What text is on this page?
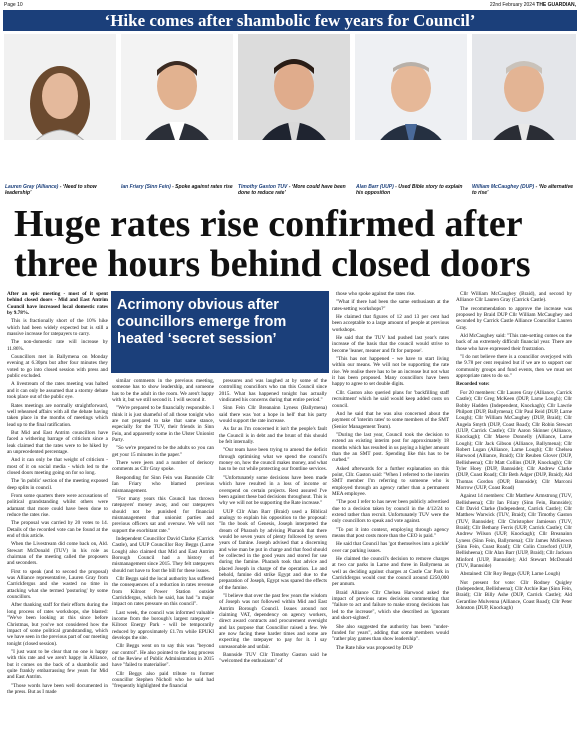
Page 10	22nd February 2024 THE GUARDIAN,
‘Hike comes after shambolic few years for Council’
Lauren Gray (Alliance) - ‘Need to show leadership’
Ian Friary (Sinn Fein) - Spoke against rates rise Timothy Gaston TUV - ‘More could have been done to reduce rate’
Alan Barr (UUP) - Used Bible story to explain his opposition
William McCaughey (DUP) - ‘No alternative to rise’
Huge rates rise confirmed after three hours behind closed doors

After an epic meeting - most of it spent behind closed doors - Mid and East Antrim Council have increased local domestic rates by 9.78%.

This is fractionally short of the 10% hike which had been widely expected but is still a massive increase for ratepayers to carry.

The non-domestic rate will increase by 11.86%.

Councillors met in Ballymena on Monday evening at 6.30pm but after four minutes they voted to go into closed session with press and public excluded.

A livestream of the rates meeting was halted and it can only be assumed that a stormy debate took place out of the public eye.

Rates meetings are normally straightforward, well rehearsed affairs with all the debate having taken place in the months of meetings which lead up to the final ratification.

But Mid and East Antrim councillors have faced a withering barrage of criticism since a leak claimed that the rates were to be hiked by an unprecedented percentage.

And it can only be that weight of criticism - most of it on social media - which led to the closed doors meeting going on for so long.

The 'in public' section of the meeting exposed deep splits in council.

From some quarters there were accusations of political grandstanding whilst others were adamant that more could have been done to reduce the rates rise.

The proposal was carried by 20 votes to 14. Details of the recorded vote can be found at the end of this article.

When the Livestream did come back on, Ald. Stewart McDonald (TUV) in his role as chairman of the meeting called the proposers and seconders.

First to speak (and to second the proposal) was Alliance representative, Lauren Gray from Carrickfergus and she wasted no time in attacking what she termed 'posturing' by some councillors.

After thanking staff for their efforts during the long process of rates workshops, she blasted: "We've been looking at this since before Christmas, but you've not considered how the impact of some political grandstanding, which we have seen in the previous part of our meeting tonight (closed session).

"I just want to be clear that no one is happy with this rate and we aren't happy in Alliance, but it comes on the back of a shambolic and quite frankly embarrassing few years for Mid and East Antrim.

"Those words have been well documented in the press. But as I made

Acrimony obvious after councillors emerge from heated ‘secret session’

similar comments in the previous meeting, someone has to show leadership, and someone has to be the adult in the room. We aren't happy with it, but we still second it. I will second it.

"We're prepared to be financially responsible. I think it is just shameful of all those tonight who are not prepared to take that same stance, especially for the TUV, their friends in Sinn Fein, and apparently some in the Ulster Unionist Party.

"So we're prepared to be the adults so you can get your 15 minutes in the paper."

There were jeers and a number of derisory comments as Cllr Gray spoke.

Responding for Sinn Fein was Bannside Cllr Ian Friary who blamed previous mismanagement.

"For many years this Council has thrown ratepayers' money away, and our ratepayers should not be punished for financial mismanagement that unionist parties and previous officers sat and oversaw. We will not support the exorbitant rate."

Independent Councillor David Clarke (Carrick Castle), and UUP Councillor Roy Beggs (Larne Lough) also claimed that Mid and East Antrim Borough Council had a history of mismanagement since 2015. They felt ratepayers should not have to foot the bill for these issues.

Cllr Beggs said the local authority has suffered the consequences of a reduction in rates revenue from Kilroot Power Station outside Carrickfergus, which he said, has had "a major impact on rates pressure on this council".

Last week, the council was informed valuable income from the borough's largest ratepayer - Kilroot Energy Park - will be temporarily reduced by approximately £1.7m while EPUKI develops the site.

Cllr Beggs went on to say this was "beyond our control". He also pointed to the long process of the Review of Public Administration in 2015 have "failed to materialise".

Cllr Beggs also paid tribute to former councillor Stephen Nicholl who he said had "frequently highlighted the financial

pressures and was laughed at by some of the controlling councillors who ran this Council since 2015. What has happened tonight has actually vindicated his concerns during that entire period."

Sinn Fein Cllr Breanainn Lyness (Ballymena) said there was 'not a hope in hell' that his party would support the rate increase.

As far as I'm concerned it isn't the people's fault the Council is in debt and the brunt of this should be felt internally.

"Our team have been trying to amend the deficit through optimising what we spend the council's money on, how the council makes money, and what has to be cut while protecting our frontline services.

"Unfortunately some decisions have been made which have resulted in a loss of income or overspend on certain projects. Rest assured I've been against these bad decisions throughout. This is why we will not be supporting the Rate increase."

UUP Cllr Alan Barr (Braid) used a Biblical analogy to explain his opposition to the proposal: "In the book of Genesis, Joseph interpreted the dream of Pharaoh by advising Pharaoh that there would be seven years of plenty followed by seven years of famine. Joseph advised that a discerning and wise man be put in charge and that food should be collected in the good years and stored for use during the famine. Pharaoh took that advice and placed Joseph in charge of the operation. Lo and behold, famine did strike Egypt and due to the preparation of Joseph, Egypt was spared the effects of the famine.

"I believe that over the past few years the wisdom of Joseph was not followed within Mid and East Antrim Borough Council. Issues around not claiming VAT, dependency on agency workers, direct award contracts and procurement oversight and lax purpose that Councillor raised a few. We are now facing these harder times and some are expecting the ratepayer to pay for it. I say unreasonable and unfair.

Bannside TUV Cllr Timothy Gaston said he "welcomed the enthusiasm" of

those who spoke against the rates rise.

"What if there had been the same enthusiasm at the rates-setting workshops?"

He claimed that figures of 12 and 13 per cent had been acceptable to a large amount of people at previous workshops.

He said that the TUV had pushed last year's rates increase of the basis that the council would strive to become 'leaner, meaner and fit for purpose'.

"This has not happened - we have to start living within our means. We will not be supporting the rate rise. We realise there has to be an increase but not what it has been proposed. Many councillors have been happy to agree to set double digits.

Cllr. Gaston also queried plans for 'backfilling staff recruitment' which he said would keep added costs on council.

And he said that he was also concerned about the payment of 'interim rates' to some members of the SMT (Senior Management Team).

"During the last year, Council took the decision to extend an existing interim post for approximately 18 months which has resulted in us paying a higher amount than the an SMT post. Spending like this has to be curbed."

Asked afterwards for a further explanation on this point, Cllr. Gaston said: "When I referred to the interim SMT member I'm referring to someone who is employed through an agency rather than a permanent MEA employee.

"The post I refer to has never been publicly advertised due to a decision taken by council in the 4/12/24 to extend rather than recruit. Unfortunately TUV were the only councillors to speak and vote against.

"To put it into context, employing through agency means that post costs more than the CEO is paid."

He said that Council has 'got themselves into a pickle' over car parking issues.

He claimed the council's decision to remove charges at two car parks in Larne and three in Ballymena as well as deciding against charges at Castle Car Park in Carrickfergus would cost the council around £250,000 per annum.

Braid Alliance Cllr Chelsea Harwood asked the impact of previous rates decisions commenting that "failure to act and failure to make strong decisions has led to the increase", which she described as 'ignorant and short-sighted'.

She also suggested the authority has been "under-funded for years", adding that some members would "rather play games than show leadership".

The Rate hike was proposed by DUP

Cllr William McCaughey (Braid), and second by Alliance Cllr Lauren Gray (Carrick Castle).

The recommendation to approve the increase was proposed by Braid DUP Cllr William McCaughey and seconded by Carrick Castle Alliance Councillor Lauren Gray.

Ald McCaughey said: "This rate-setting comes on the back of an extremely difficult financial year. There are those who have expressed their frustration.

"I do not believe there is a councillor overjoyed with the 9.78 per cent required but if we are to support our community groups and fund events, then we must set appropriate rates to do so."

Recorded vote:

For 20 members: Cllr Lauren Gray (Alliance, Carrick Castle); Cllr Greg McKeen (DUP, Larne Lough); Cllr Bobby Hadden (Independent, Knockagh); Cllr Lawrie Philpott (DUP, Ballymena); Cllr Paul Reid (DUP, Larne Lough); Cllr William McCaughey (DUP, Braid); Cllr Angela Smyth (DUP, Coast Road); Cllr Robin Stewart (UUP, Carrick Castle); Cllr Aaron Skinner (Alliance, Knockagh); Cllr Maeve Donnelly (Alliance, Larne Lough); Cllr Jack Gibson (Alliance, Ballymena); Cllr Robert Logan (Alliance, Larne Lough); Cllr Chelsea Harwood (Alliance, Braid); Cllr Reuben Glover (DUP, Bellisheena); Cllr Matt Collins (DUP, Knockagh); Cllr Tyler Hoey (DUP, Bannside); Cllr Andrew Clarke (DUP, Coast Road); Cllr Beth Adger (DUP, Braid); Ald Thomas Gordon (DUP, Bannside); Cllr Marconi Morrow (UUP, Coast Road)

Against 14 members: Cllr Matthew Armstrong (TUV, Bellisheena); Cllr Ian Friary (Sinn Fein, Bannside); Cllr David Clarke (Independent, Carrick Castle); Cllr Matthew Warwick (TUV, Braid); Cllr Timothy Gaston (TUV, Bannside); Cllr Christopher Jamieson (TUV, Braid); Cllr Bethany Ferris (UUP, Carrick Castle); Cllr Andrew Wilson (UUP, Knockagh); Cllr Breanainn Lyness (Sinn Fein, Ballymena); Cllr James McKeown (Sinn Fein, Coast Road); Cllr Colin Crawford (UUP, Bellisheena); Cllr Alan Barr (UUP, Braid); Cllr Jackson Minford (UUP, Bannside); Ald Stewart McDonald (TUV, Bannside)

Abstained: Cllr Roy Beggs (UUP, Larne Lough)

Not present for vote: Cllr Rodney Quigley (Independent, Bellisheena); Cllr Archie Rae (Sinn Fein, Braid); Cllr Billy Ashe (DUP, Carrick Castle); Ald Gerardine Mulvenna (Alliance, Coast Road); Cllr Peter Johnston (DUP, Knockagh)
